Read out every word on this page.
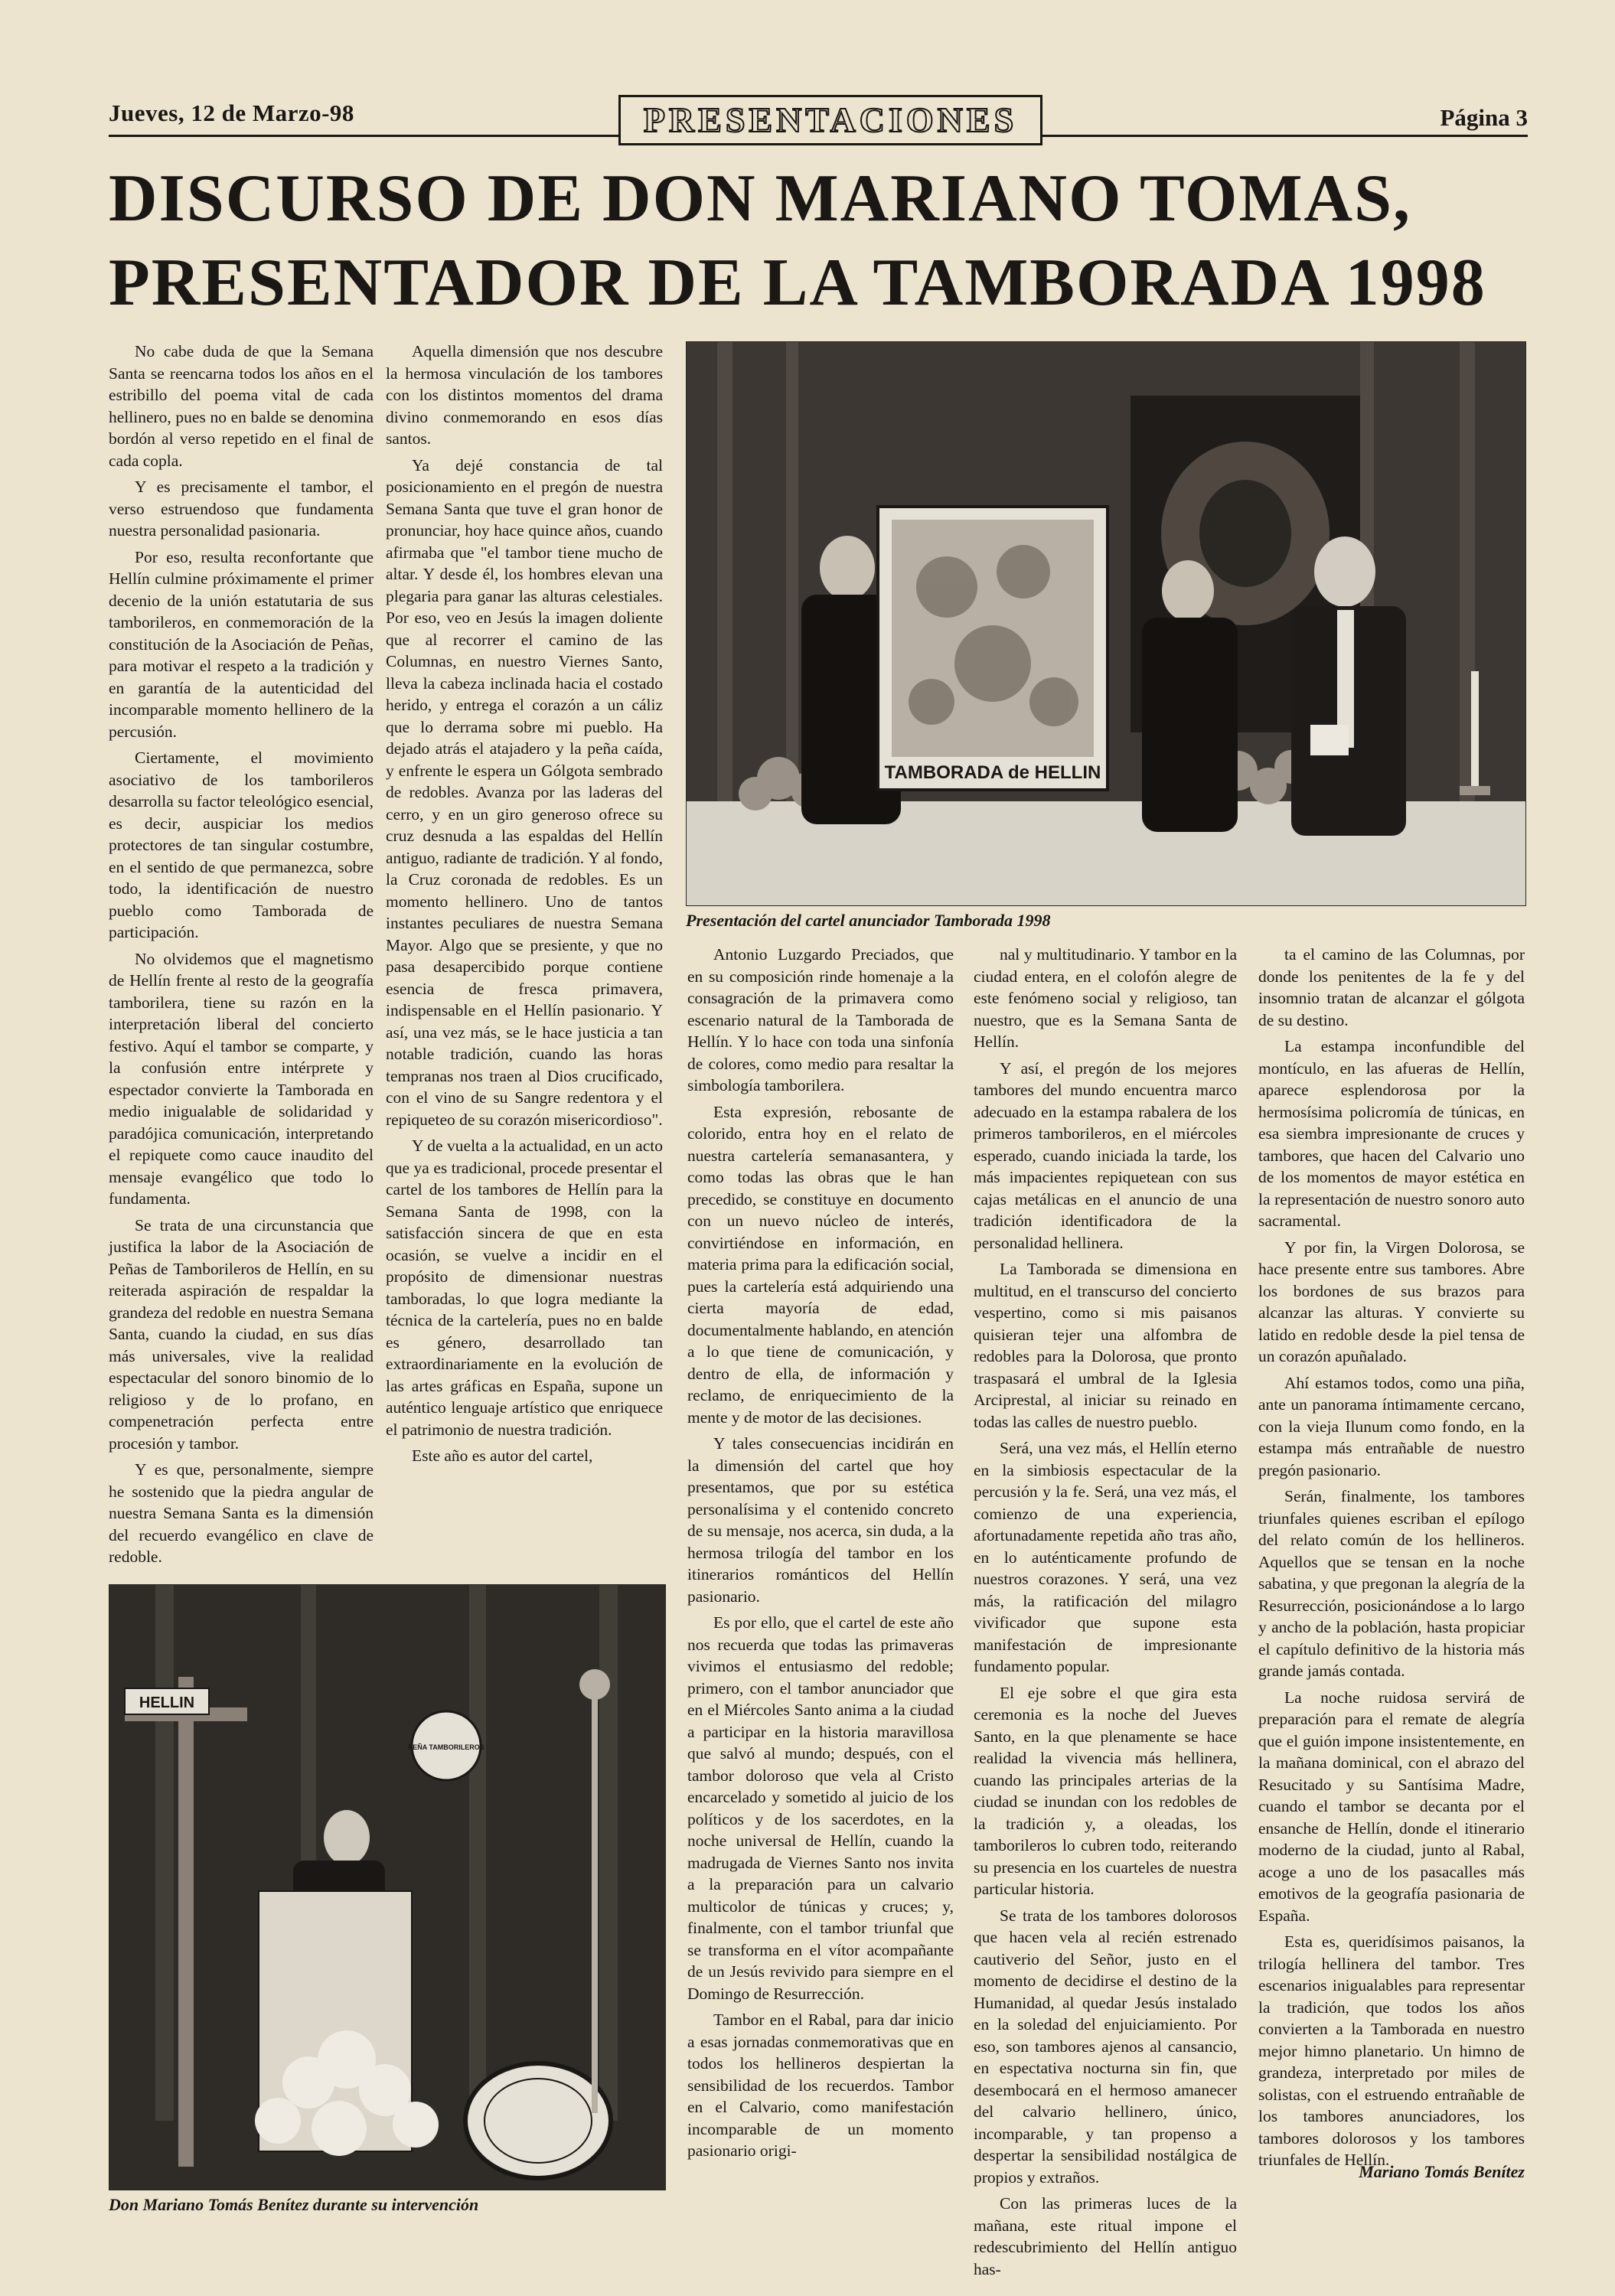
Jueves, 12 de Marzo-98	PRESENTACIONES	Página 3
DISCURSO DE DON MARIANO TOMAS,
PRESENTADOR DE LA TAMBORADA 1998

No cabe duda de que la Semana Santa se reencarna todos los años en el estribillo del poema vital de cada hellinero, pues no en balde se denomina bordón al verso repetido en el final de cada copla.

Y es precisamente el tambor, el verso estruendoso que fundamenta nuestra personalidad pasionaria.

Por eso, resulta reconfortante que Hellín culmine próximamente el primer decenio de la unión estatutaria de sus tamborileros, en conmemoración de la constitución de la Asociación de Peñas, para motivar el respeto a la tradición y en garantía de la autenticidad del incomparable momento hellinero de la percusión.

Ciertamente, el movimiento asociativo de los tamborileros desarrolla su factor teleológico esencial, es decir, auspiciar los medios protectores de tan singular costumbre, en el sentido de que permanezca, sobre todo, la identificación de nuestro pueblo como Tamborada de participación.

No olvidemos que el magnetismo de Hellín frente al resto de la geografía tamborilera, tiene su razón en la interpretación liberal del concierto festivo. Aquí el tambor se comparte, y la confusión entre intérprete y espectador convierte la Tamborada en medio inigualable de solidaridad y paradójica comunicación, interpretando el repiquete como cauce inaudito del mensaje evangélico que todo lo fundamenta.

Se trata de una circunstancia que justifica la labor de la Asociación de Peñas de Tamborileros de Hellín, en su reiterada aspiración de respaldar la grandeza del redoble en nuestra Semana Santa, cuando la ciudad, en sus días más universales, vive la realidad espectacular del sonoro binomio de lo religioso y de lo profano, en compenetración perfecta entre procesión y tambor.

Y es que, personalmente, siempre he sostenido que la piedra angular de nuestra Semana Santa es la dimensión del recuerdo evangélico en clave de redoble.

Aquella dimensión que nos descubre la hermosa vinculación de los tambores con los distintos momentos del drama divino conmemorando en esos días santos.

Ya dejé constancia de tal posicionamiento en el pregón de nuestra Semana Santa que tuve el gran honor de pronunciar, hoy hace quince años, cuando afirmaba que "el tambor tiene mucho de altar. Y desde él, los hombres elevan una plegaria para ganar las alturas celestiales. Por eso, veo en Jesús la imagen doliente que al recorrer el camino de las Columnas, en nuestro Viernes Santo, lleva la cabeza inclinada hacia el costado herido, y entrega el corazón a un cáliz que lo derrama sobre mi pueblo. Ha dejado atrás el atajadero y la peña caída, y enfrente le espera un Gólgota sembrado de redobles. Avanza por las laderas del cerro, y en un giro generoso ofrece su cruz desnuda a las espaldas del Hellín antiguo, radiante de tradición. Y al fondo, la Cruz coronada de redobles. Es un momento hellinero. Uno de tantos instantes peculiares de nuestra Semana Mayor. Algo que se presiente, y que no pasa desapercibido porque contiene esencia de fresca primavera, indispensable en el Hellín pasionario. Y así, una vez más, se le hace justicia a tan notable tradición, cuando las horas tempranas nos traen al Dios crucificado, con el vino de su Sangre redentora y el repiqueteo de su corazón misericordioso".

Y de vuelta a la actualidad, en un acto que ya es tradicional, procede presentar el cartel de los tambores de Hellín para la Semana Santa de 1998, con la satisfacción sincera de que en esta ocasión, se vuelve a incidir en el propósito de dimensionar nuestras tamboradas, lo que logra mediante la técnica de la cartelería, pues no en balde es género, desarrollado tan extraordinariamente en la evolución de las artes gráficas en España, supone un auténtico lenguaje artístico que enriquece el patrimonio de nuestra tradición.

Este año es autor del cartel,

TAMBORADA de HELLIN
Presentación del cartel anunciador Tamborada 1998

Antonio Luzgardo Preciados, que en su composición rinde homenaje a la consagración de la primavera como escenario natural de la Tamborada de Hellín. Y lo hace con toda una sinfonía de colores, como medio para resaltar la simbología tamborilera.

Esta expresión, rebosante de colorido, entra hoy en el relato de nuestra cartelería semanasantera, y como todas las obras que le han precedido, se constituye en documento con un nuevo núcleo de interés, convirtiéndose en información, en materia prima para la edificación social, pues la cartelería está adquiriendo una cierta mayoría de edad, documentalmente hablando, en atención a lo que tiene de comunicación, y dentro de ella, de información y reclamo, de enriquecimiento de la mente y de motor de las decisiones.

Y tales consecuencias incidirán en la dimensión del cartel que hoy presentamos, que por su estética personalísima y el contenido concreto de su mensaje, nos acerca, sin duda, a la hermosa trilogía del tambor en los itinerarios románticos del Hellín pasionario.

Es por ello, que el cartel de este año nos recuerda que todas las primaveras vivimos el entusiasmo del redoble; primero, con el tambor anunciador que en el Miércoles Santo anima a la ciudad a participar en la historia maravillosa que salvó al mundo; después, con el tambor doloroso que vela al Cristo encarcelado y sometido al juicio de los políticos y de los sacerdotes, en la noche universal de Hellín, cuando la madrugada de Viernes Santo nos invita a la preparación para un calvario multicolor de túnicas y cruces; y, finalmente, con el tambor triunfal que se transforma en el vítor acompañante de un Jesús revivido para siempre en el Domingo de Resurrección.

Tambor en el Rabal, para dar inicio a esas jornadas conmemorativas que en todos los hellineros despiertan la sensibilidad de los recuerdos. Tambor en el Calvario, como manifestación incomparable de un momento pasionario origi-

nal y multitudinario. Y tambor en la ciudad entera, en el colofón alegre de este fenómeno social y religioso, tan nuestro, que es la Semana Santa de Hellín.

Y así, el pregón de los mejores tambores del mundo encuentra marco adecuado en la estampa rabalera de los primeros tamborileros, en el miércoles esperado, cuando iniciada la tarde, los más impacientes repiquetean con sus cajas metálicas en el anuncio de una tradición identificadora de la personalidad hellinera.

La Tamborada se dimensiona en multitud, en el transcurso del concierto vespertino, como si mis paisanos quisieran tejer una alfombra de redobles para la Dolorosa, que pronto traspasará el umbral de la Iglesia Arciprestal, al iniciar su reinado en todas las calles de nuestro pueblo.

Será, una vez más, el Hellín eterno en la simbiosis espectacular de la percusión y la fe. Será, una vez más, el comienzo de una experiencia, afortunadamente repetida año tras año, en lo auténticamente profundo de nuestros corazones. Y será, una vez más, la ratificación del milagro vivificador que supone esta manifestación de impresionante fundamento popular.

El eje sobre el que gira esta ceremonia es la noche del Jueves Santo, en la que plenamente se hace realidad la vivencia más hellinera, cuando las principales arterias de la ciudad se inundan con los redobles de la tradición y, a oleadas, los tamborileros lo cubren todo, reiterando su presencia en los cuarteles de nuestra particular historia.

Se trata de los tambores dolorosos que hacen vela al recién estrenado cautiverio del Señor, justo en el momento de decidirse el destino de la Humanidad, al quedar Jesús instalado en la soledad del enjuiciamiento. Por eso, son tambores ajenos al cansancio, en espectativa nocturna sin fin, que desembocará en el hermoso amanecer del calvario hellinero, único, incomparable, y tan propenso a despertar la sensibilidad nostálgica de propios y extraños.

Con las primeras luces de la mañana, este ritual impone el redescubrimiento del Hellín antiguo has-

ta el camino de las Columnas, por donde los penitentes de la fe y del insomnio tratan de alcanzar el gólgota de su destino.

La estampa inconfundible del montículo, en las afueras de Hellín, aparece esplendorosa por la hermosísima policromía de túnicas, en esa siembra impresionante de cruces y tambores, que hacen del Calvario uno de los momentos de mayor estética en la representación de nuestro sonoro auto sacramental.

Y por fin, la Virgen Dolorosa, se hace presente entre sus tambores. Abre los bordones de sus brazos para alcanzar las alturas. Y convierte su latido en redoble desde la piel tensa de un corazón apuñalado.

Ahí estamos todos, como una piña, ante un panorama íntimamente cercano, con la vieja Ilunum como fondo, en la estampa más entrañable de nuestro pregón pasionario.

Serán, finalmente, los tambores triunfales quienes escriban el epílogo del relato común de los hellineros. Aquellos que se tensan en la noche sabatina, y que pregonan la alegría de la Resurrección, posicionándose a lo largo y ancho de la población, hasta propiciar el capítulo definitivo de la historia más grande jamás contada.

La noche ruidosa servirá de preparación para el remate de alegría que el guión impone insistentemente, en la mañana dominical, con el abrazo del Resucitado y su Santísima Madre, cuando el tambor se decanta por el ensanche de Hellín, donde el itinerario moderno de la ciudad, junto al Rabal, acoge a uno de los pasacalles más emotivos de la geografía pasionaria de España.

Esta es, queridísimos paisanos, la trilogía hellinera del tambor. Tres escenarios inigualables para representar la tradición, que todos los años convierten a la Tamborada en nuestro mejor himno planetario. Un himno de grandeza, interpretado por miles de solistas, con el estruendo entrañable de los tambores anunciadores, los tambores dolorosos y los tambores triunfales de Hellín.

HELLIN
PEÑA TAMBORILEROS
Don Mariano Tomás Benítez durante su intervención
Mariano Tomás Benítez
